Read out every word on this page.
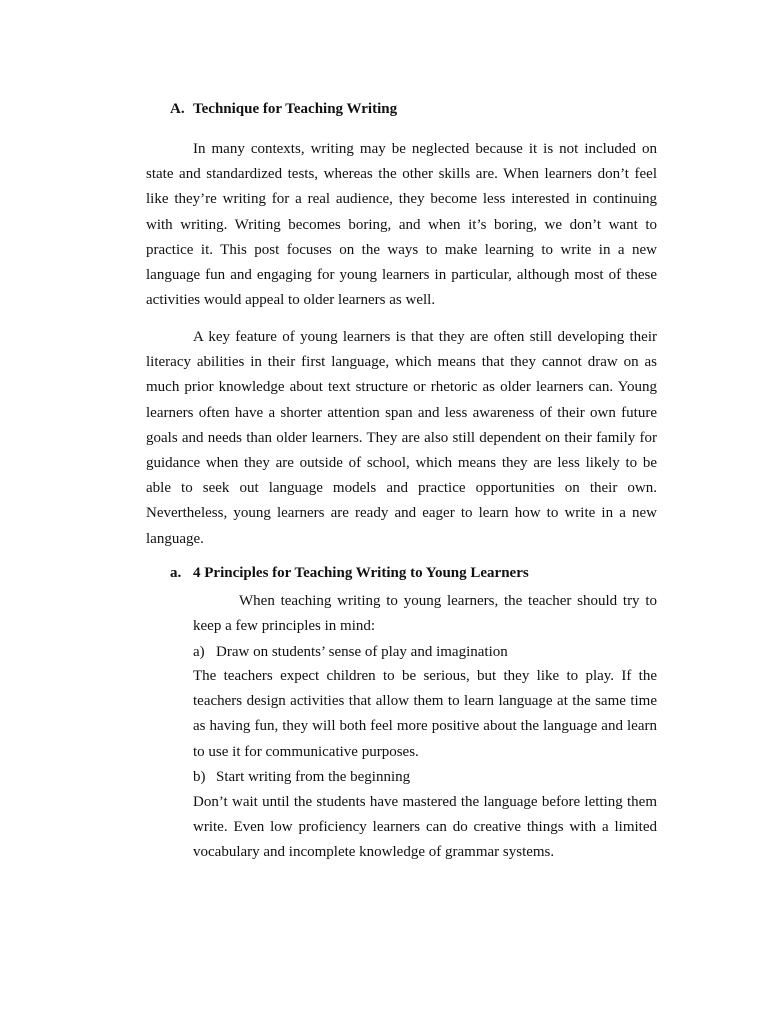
A. Technique for Teaching Writing

In many contexts, writing may be neglected because it is not included on state and standardized tests, whereas the other skills are. When learners don’t feel like they’re writing for a real audience, they become less interested in continuing with writing. Writing becomes boring, and when it’s boring, we don’t want to practice it. This post focuses on the ways to make learning to write in a new language fun and engaging for young learners in particular, although most of these activities would appeal to older learners as well.

A key feature of young learners is that they are often still developing their literacy abilities in their first language, which means that they cannot draw on as much prior knowledge about text structure or rhetoric as older learners can. Young learners often have a shorter attention span and less awareness of their own future goals and needs than older learners. They are also still dependent on their family for guidance when they are outside of school, which means they are less likely to be able to seek out language models and practice opportunities on their own. Nevertheless, young learners are ready and eager to learn how to write in a new language.

a. 4 Principles for Teaching Writing to Young Learners

When teaching writing to young learners, the teacher should try to keep a few principles in mind:

a) Draw on students’ sense of play and imagination

The teachers expect children to be serious, but they like to play. If the teachers design activities that allow them to learn language at the same time as having fun, they will both feel more positive about the language and learn to use it for communicative purposes.

b) Start writing from the beginning

Don’t wait until the students have mastered the language before letting them write. Even low proficiency learners can do creative things with a limited vocabulary and incomplete knowledge of grammar systems.
